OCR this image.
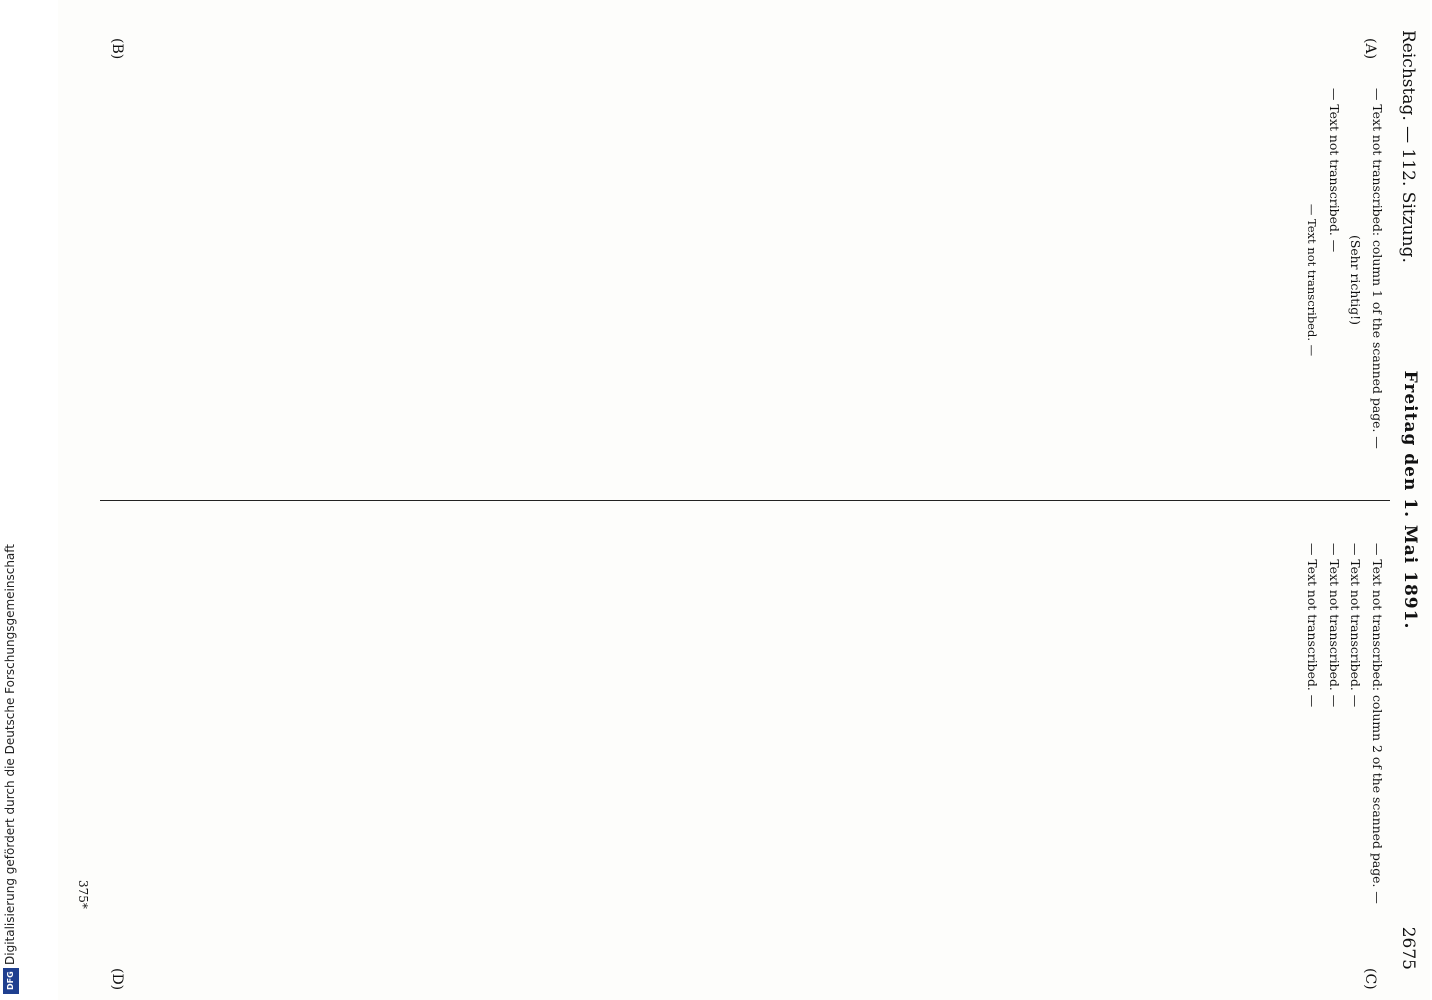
Digitalisierung gefördert durch die Deutsche Forschungsgemeinschaft
DFG
Reichstag. — 112. Sitzung.
Freitag den 1. Mai 1891.
2675
(A)
(B)
(C)
(D)

— Text not transcribed: column 1 of the scanned page. —

(Sehr richtig!)

— Text not transcribed. —

— Text not transcribed. —

— Text not transcribed: column 2 of the scanned page. —

— Text not transcribed. —

— Text not transcribed. —

— Text not transcribed. —

375*
